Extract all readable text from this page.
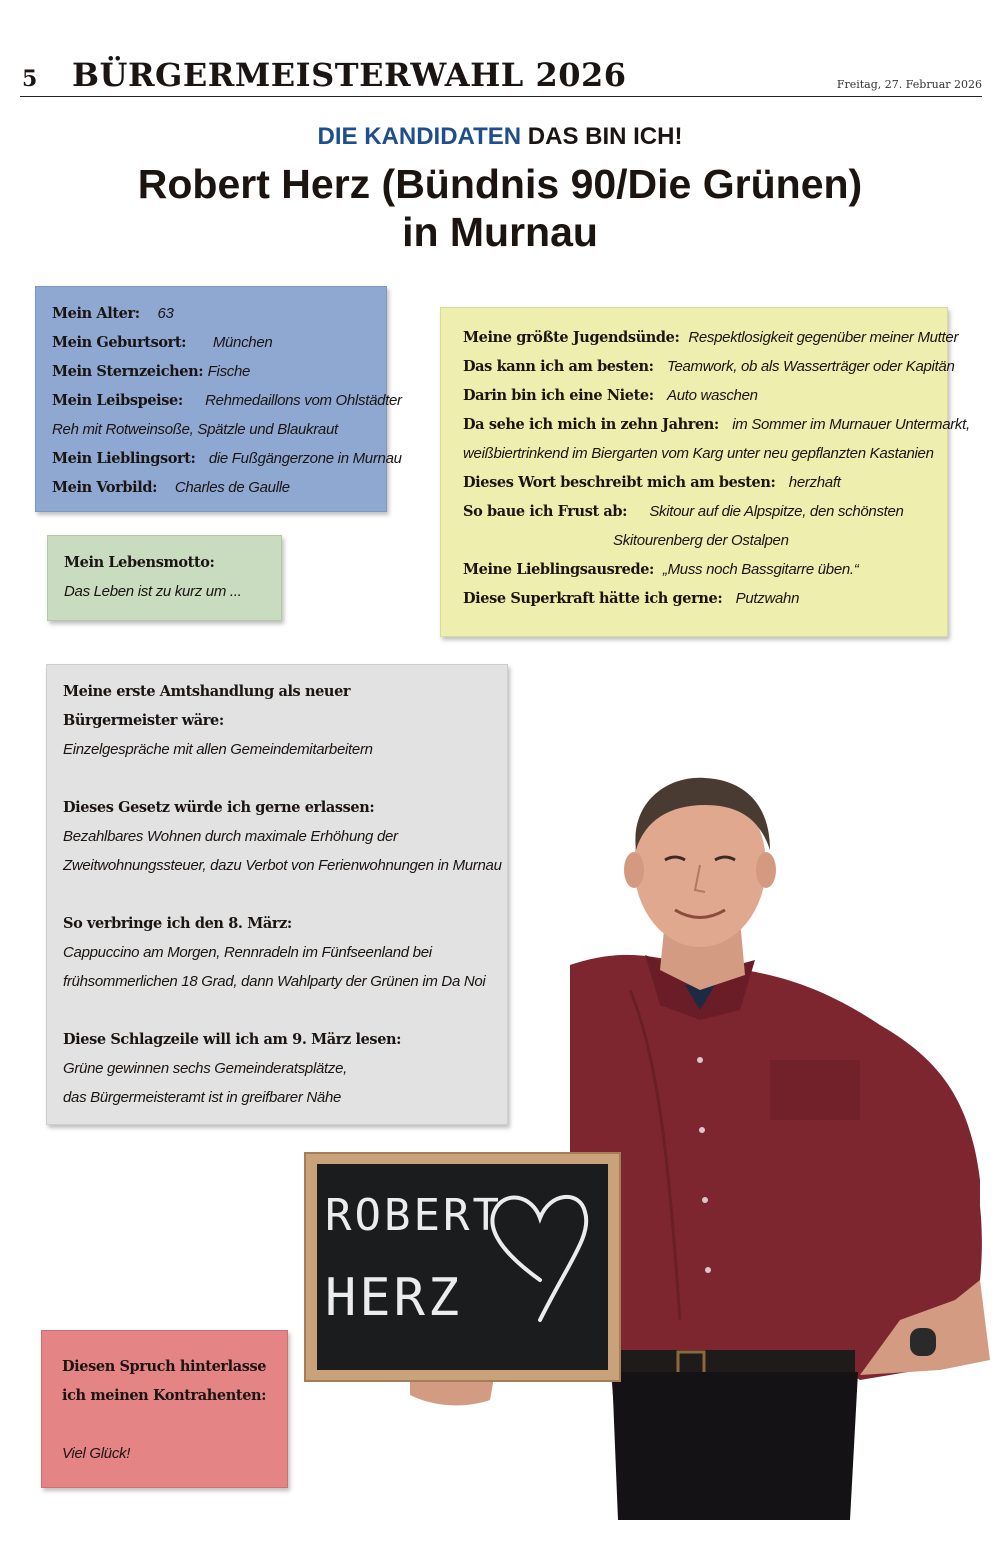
5 BÜRGERMEISTERWAHL 2026	Freitag, 27. Februar 2026
DIE KANDIDATEN DAS BIN ICH!
Robert Herz (Bündnis 90/Die Grünen)
in Murnau
Mein Alter: 63
Mein Geburtsort: München
Mein Sternzeichen: Fische
Mein Leibspeise: Rehmedaillons vom Ohlstädter
Reh mit Rotweinsoße, Spätzle und Blaukraut
Mein Lieblingsort: die Fußgängerzone in Murnau
Mein Vorbild: Charles de Gaulle
Mein Lebensmotto:
Das Leben ist zu kurz um ...
Meine größte Jugendsünde: Respektlosigkeit gegenüber meiner Mutter
Das kann ich am besten: Teamwork, ob als Wasserträger oder Kapitän
Darin bin ich eine Niete: Auto waschen
Da sehe ich mich in zehn Jahren: im Sommer im Murnauer Untermarkt,
weißbiertrinkend im Biergarten vom Karg unter neu gepflanzten Kastanien
Dieses Wort beschreibt mich am besten: herzhaft
So baue ich Frust ab: Skitour auf die Alpspitze, den schönsten
Skitourenberg der Ostalpen
Meine Lieblingsausrede: „Muss noch Bassgitarre üben.“
Diese Superkraft hätte ich gerne: Putzwahn
Meine erste Amtshandlung als neuer
Bürgermeister wäre:
Einzelgespräche mit allen Gemeindemitarbeitern
Dieses Gesetz würde ich gerne erlassen:
Bezahlbares Wohnen durch maximale Erhöhung der
Zweitwohnungssteuer, dazu Verbot von Ferienwohnungen in Murnau
So verbringe ich den 8. März:
Cappuccino am Morgen, Rennradeln im Fünfseenland bei
frühsommerlichen 18 Grad, dann Wahlparty der Grünen im Da Noi
Diese Schlagzeile will ich am 9. März lesen:
Grüne gewinnen sechs Gemeinderatsplätze,
das Bürgermeisteramt ist in greifbarer Nähe
Diesen Spruch hinterlasse
ich meinen Kontrahenten:
Viel Glück!
ROBERT
HERZ
